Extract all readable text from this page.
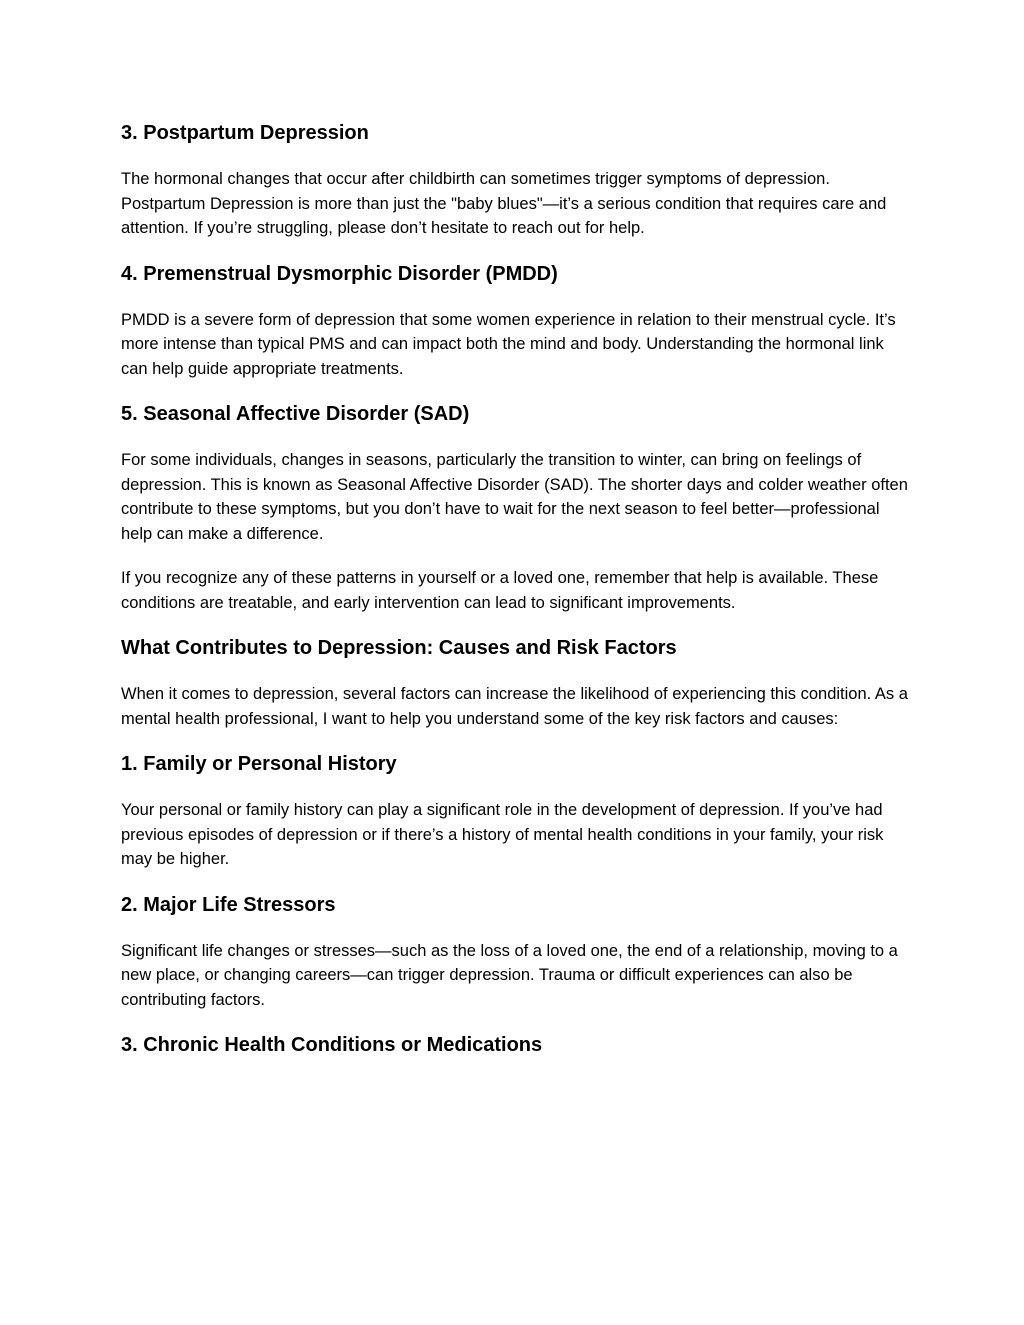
3. Postpartum Depression

The hormonal changes that occur after childbirth can sometimes trigger symptoms of depression. Postpartum Depression is more than just the "baby blues"—it’s a serious condition that requires care and attention. If you’re struggling, please don’t hesitate to reach out for help.

4. Premenstrual Dysmorphic Disorder (PMDD)

PMDD is a severe form of depression that some women experience in relation to their menstrual cycle. It’s more intense than typical PMS and can impact both the mind and body. Understanding the hormonal link can help guide appropriate treatments.

5. Seasonal Affective Disorder (SAD)

For some individuals, changes in seasons, particularly the transition to winter, can bring on feelings of depression. This is known as Seasonal Affective Disorder (SAD). The shorter days and colder weather often contribute to these symptoms, but you don’t have to wait for the next season to feel better—professional help can make a difference.

If you recognize any of these patterns in yourself or a loved one, remember that help is available. These conditions are treatable, and early intervention can lead to significant improvements.

What Contributes to Depression: Causes and Risk Factors

When it comes to depression, several factors can increase the likelihood of experiencing this condition. As a mental health professional, I want to help you understand some of the key risk factors and causes:

1. Family or Personal History

Your personal or family history can play a significant role in the development of depression. If you’ve had previous episodes of depression or if there’s a history of mental health conditions in your family, your risk may be higher.

2. Major Life Stressors

Significant life changes or stresses—such as the loss of a loved one, the end of a relationship, moving to a new place, or changing careers—can trigger depression. Trauma or difficult experiences can also be contributing factors.

3. Chronic Health Conditions or Medications
